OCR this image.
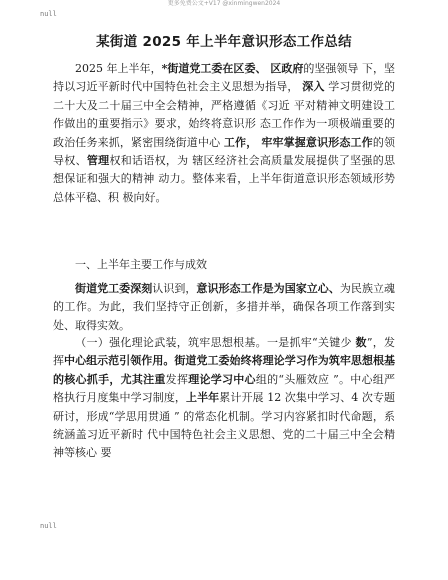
更多免费公文+V17 @xinmingwen2024
null
某街道 2025 年上半年意识形态工作总结
2025 年上半年，*街道党工委在区委、 区政府的坚强领导 下，坚持以习近平新时代中国特色社会主义思想为指导， 深入 学习贯彻党的二十大及二十届三中全会精神，严格遵循《习近 平对精神文明建设工作做出的重要指示》要求，始终将意识形 态工作作为一项极端重要的政治任务来抓，紧密围绕街道中心 工作， 牢牢掌握意识形态工作的领导权、管理权和话语权，为 辖区经济社会高质量发展提供了坚强的思想保证和强大的精神 动力。整体来看，上半年街道意识形态领域形势总体平稳、积 极向好。
一、上半年主要工作与成效
街道党工委深刻认识到，意识形态工作是为国家立心、为民族立魂的工作。为此，我们坚持守正创新，多措并举，确保各项工作落到实处、取得实效。
（一）强化理论武装，筑牢思想根基。一是抓牢“关键少 数”，发挥中心组示范引领作用。街道党工委始终将理论学习作为筑牢思想根基的核心抓手，尤其注重发挥理论学习中心组的“头雁效应 ”。中心组严格执行月度集中学习制度，上半年累计开展 12 次集中学习、4 次专题研讨，形成“学思用贯通 ” 的常态化机制。学习内容紧扣时代命题，系统涵盖习近平新时 代中国特色社会主义思想、党的二十届三中全会精神等核心 要
null
